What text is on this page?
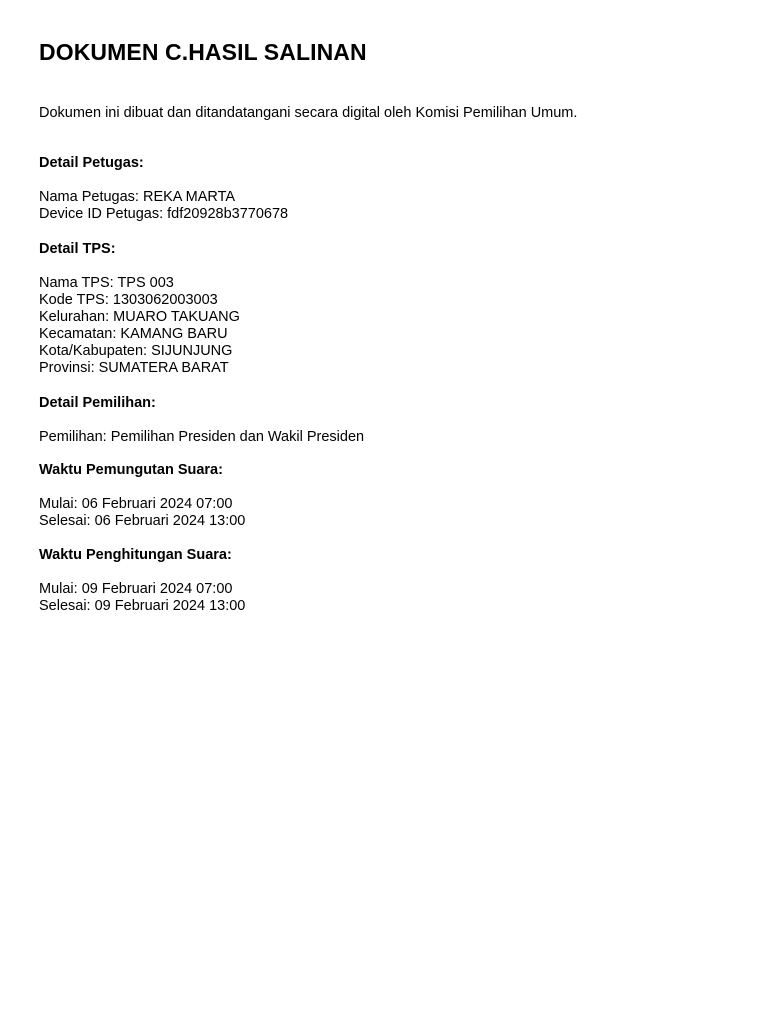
DOKUMEN C.HASIL SALINAN
Dokumen ini dibuat dan ditandatangani secara digital oleh Komisi Pemilihan Umum.
Detail Petugas:
Nama Petugas: REKA MARTA
Device ID Petugas: fdf20928b3770678
Detail TPS:
Nama TPS: TPS 003
Kode TPS: 1303062003003
Kelurahan: MUARO TAKUANG
Kecamatan: KAMANG BARU
Kota/Kabupaten: SIJUNJUNG
Provinsi: SUMATERA BARAT
Detail Pemilihan:
Pemilihan: Pemilihan Presiden dan Wakil Presiden
Waktu Pemungutan Suara:
Mulai: 06 Februari 2024 07:00
Selesai: 06 Februari 2024 13:00
Waktu Penghitungan Suara:
Mulai: 09 Februari 2024 07:00
Selesai: 09 Februari 2024 13:00
